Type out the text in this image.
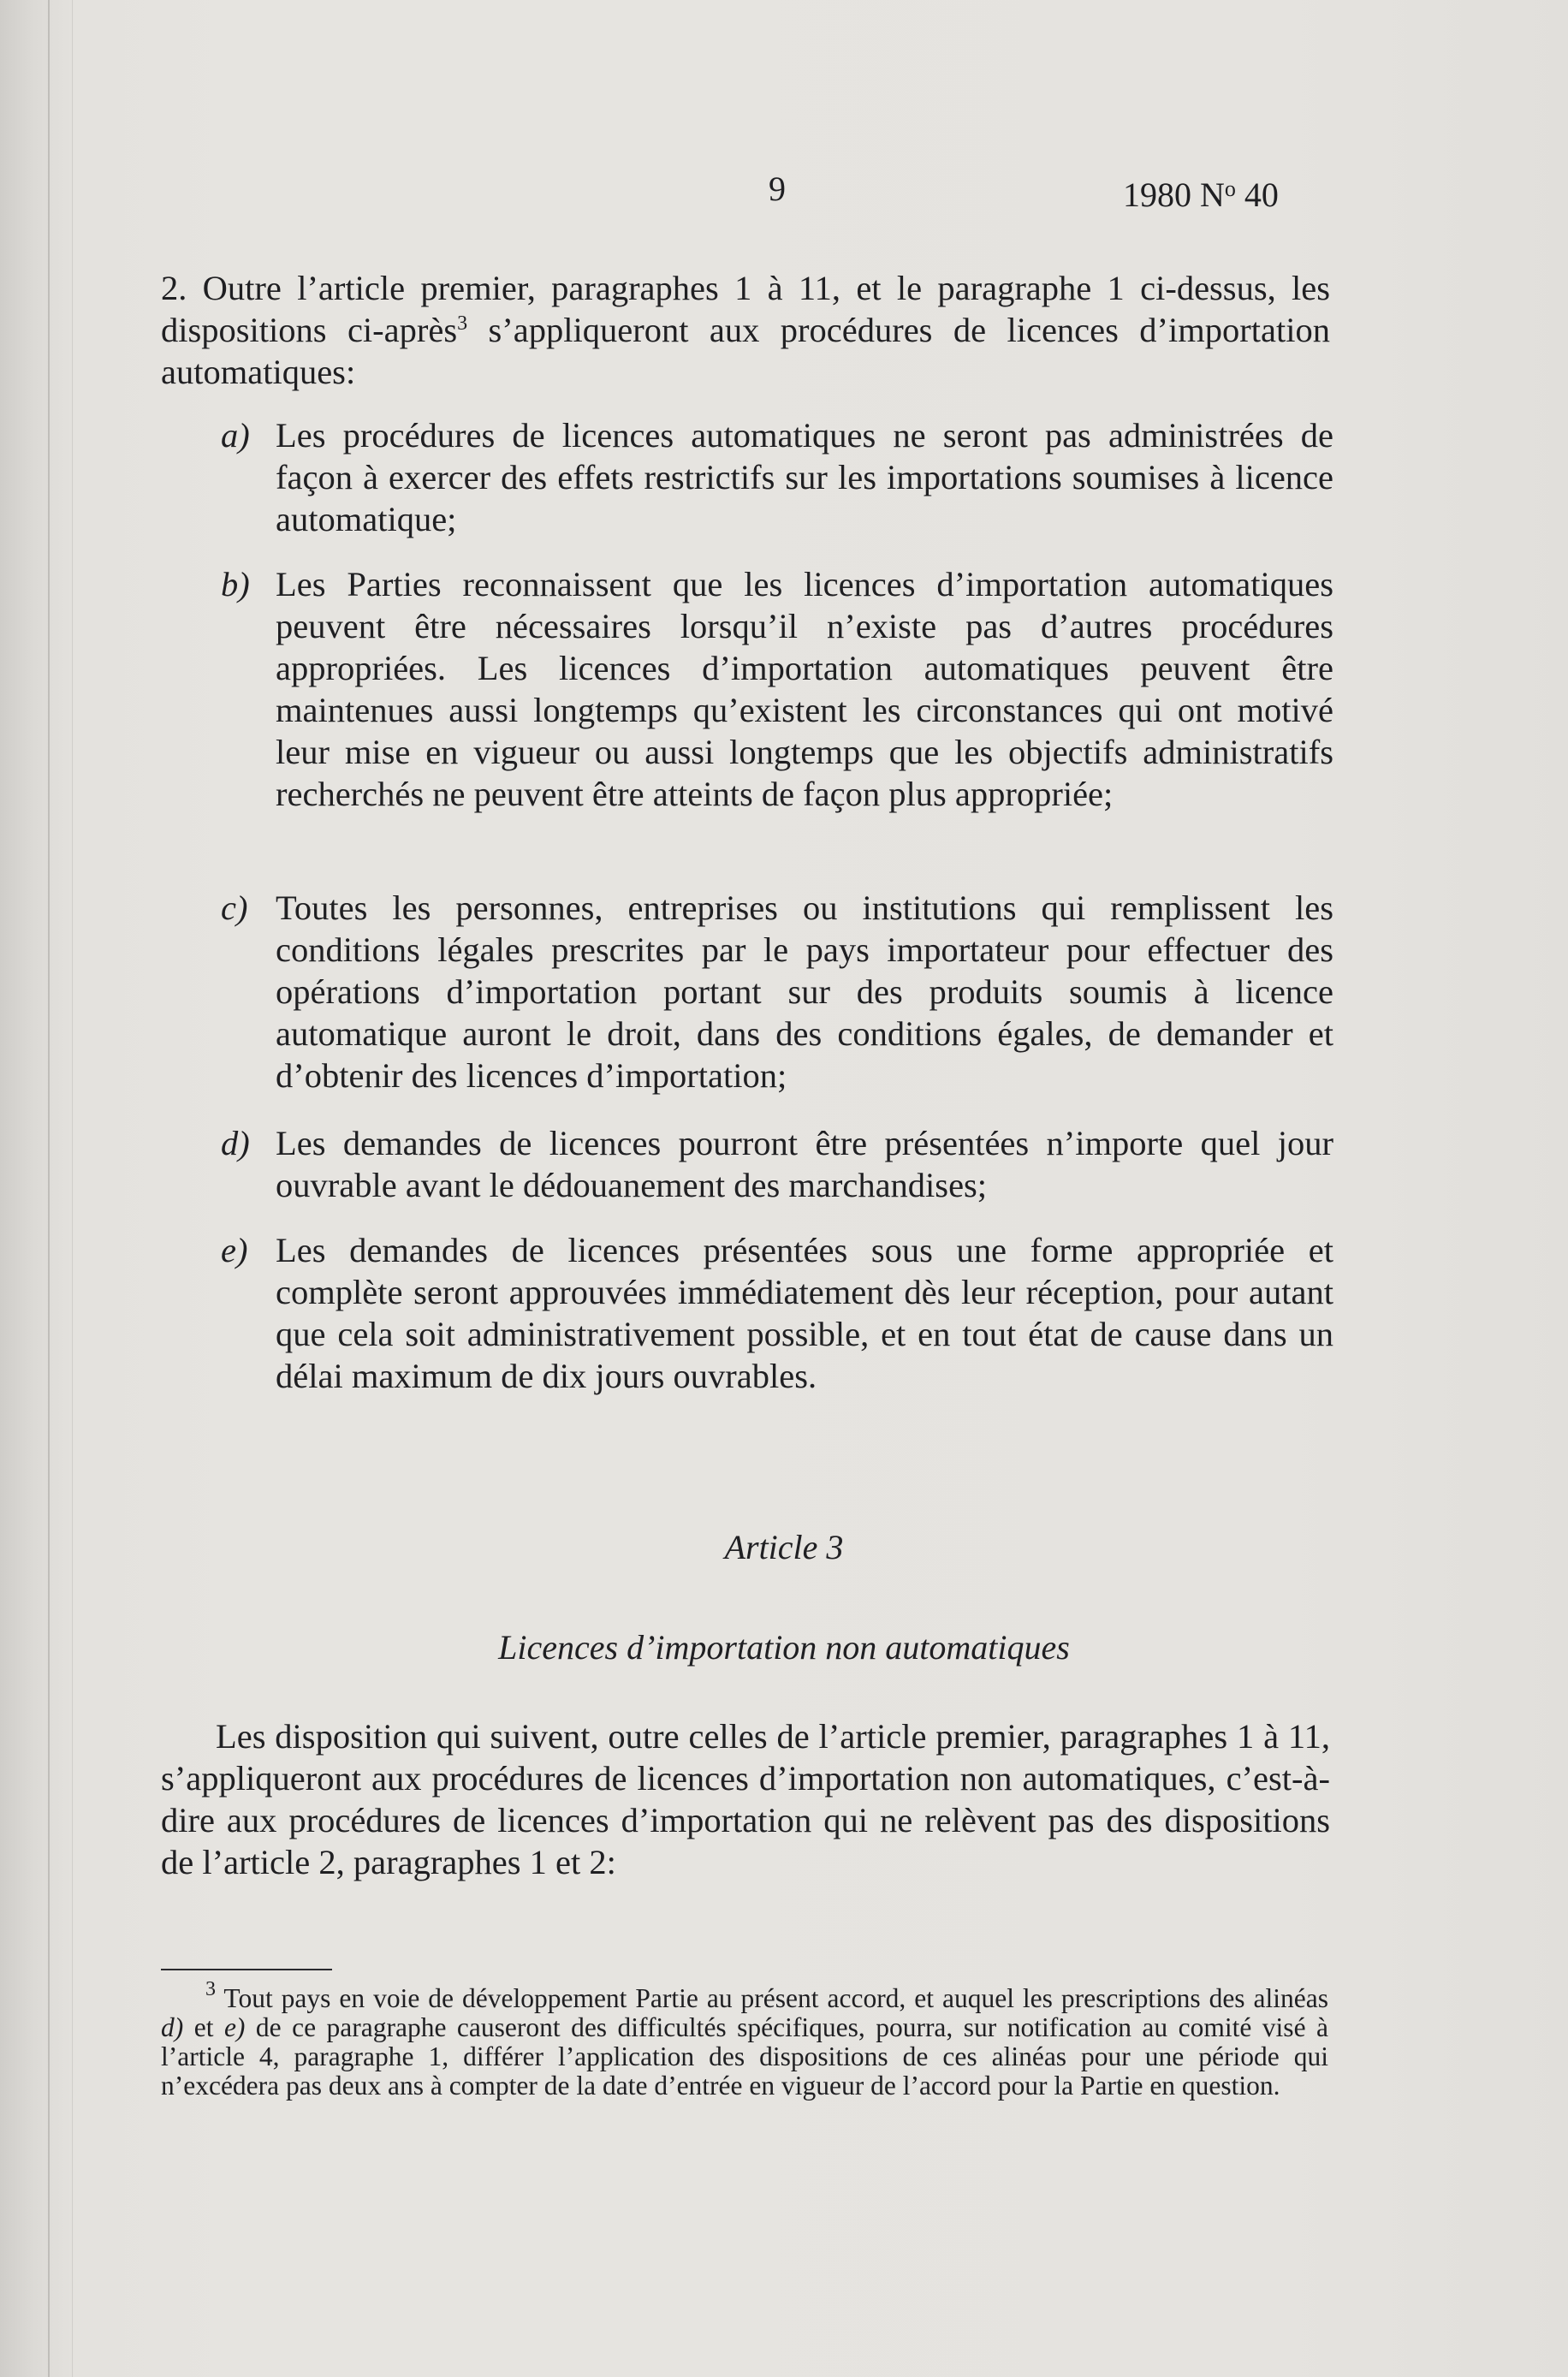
9	1980 $N^o$ 40
2. Outre l’article premier, paragraphes 1 à 11, et le paragraphe 1 ci-dessus, les dispositions ci-après$^3$ s’appliqueront aux procédures de licences d’importation automatiques:
a) Les procédures de licences automatiques ne seront pas administrées de façon à exercer des effets restrictifs sur les importations soumises à licence automatique;
b) Les Parties reconnaissent que les licences d’importation automatiques peuvent être nécessaires lorsqu’il n’existe pas d’autres procédures appropriées. Les licences d’importation automatiques peuvent être maintenues aussi longtemps qu’existent les circonstances qui ont motivé leur mise en vigueur ou aussi longtemps que les objectifs administratifs recherchés ne peuvent être atteints de façon plus appropriée;
c) Toutes les personnes, entreprises ou institutions qui remplissent les conditions légales prescrites par le pays importateur pour effectuer des opérations d’importation portant sur des produits soumis à licence automatique auront le droit, dans des conditions égales, de demander et d’obtenir des licences d’importation;
d) Les demandes de licences pourront être présentées n’importe quel jour ouvrable avant le dédouanement des marchandises;
e) Les demandes de licences présentées sous une forme appropriée et complète seront approuvées immédiatement dès leur réception, pour autant que cela soit administrativement possible, et en tout état de cause dans un délai maximum de dix jours ouvrables.
Article 3
Licences d’importation non automatiques
Les disposition qui suivent, outre celles de l’article premier, paragraphes 1 à 11, s’appliqueront aux procédures de licences d’importation non automatiques, c’est-à-dire aux procédures de licences d’importation qui ne relèvent pas des dispositions de l’article 2, paragraphes 1 et 2:
$^3$ Tout pays en voie de développement Partie au présent accord, et auquel les prescriptions des alinéas d) et e) de ce paragraphe causeront des difficultés spécifiques, pourra, sur notification au comité visé à l’article 4, paragraphe 1, différer l’application des dispositions de ces alinéas pour une période qui n’excédera pas deux ans à compter de la date d’entrée en vigueur de l’accord pour la Partie en question.
